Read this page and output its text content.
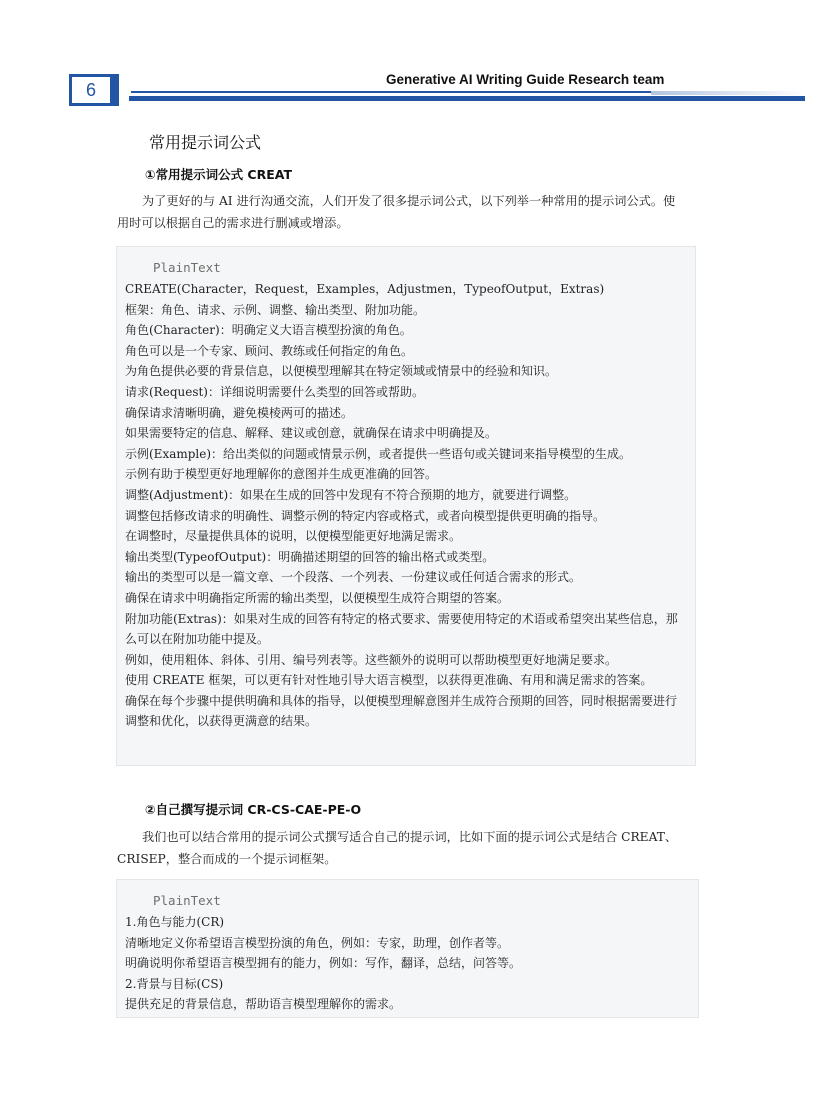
6
Generative AI Writing Guide Research team
常用提示词公式
①常用提示词公式 CREAT

为了更好的与 AI 进行沟通交流，人们开发了很多提示词公式，以下列举一种常用的提示词公式。使用时可以根据自己的需求进行删减或增添。

PlainText
CREATE(Character，Request，Examples，Adjustmen，TypeofOutput，Extras)
框架：角色、请求、示例、调整、输出类型、附加功能。
角色(Character)：明确定义大语言模型扮演的角色。
角色可以是一个专家、顾问、教练或任何指定的角色。
为角色提供必要的背景信息，以便模型理解其在特定领域或情景中的经验和知识。
请求(Request)：详细说明需要什么类型的回答或帮助。
确保请求清晰明确，避免模棱两可的描述。
如果需要特定的信息、解释、建议或创意，就确保在请求中明确提及。
示例(Example)：给出类似的问题或情景示例，或者提供一些语句或关键词来指导模型的生成。
示例有助于模型更好地理解你的意图并生成更准确的回答。
调整(Adjustment)：如果在生成的回答中发现有不符合预期的地方，就要进行调整。
调整包括修改请求的明确性、调整示例的特定内容或格式，或者向模型提供更明确的指导。
在调整时，尽量提供具体的说明，以便模型能更好地满足需求。
输出类型(TypeofOutput)：明确描述期望的回答的输出格式或类型。
输出的类型可以是一篇文章、一个段落、一个列表、一份建议或任何适合需求的形式。
确保在请求中明确指定所需的输出类型，以便模型生成符合期望的答案。
附加功能(Extras)：如果对生成的回答有特定的格式要求、需要使用特定的术语或希望突出某些信息，那么可以在附加功能中提及。
例如，使用粗体、斜体、引用、编号列表等。这些额外的说明可以帮助模型更好地满足要求。
使用 CREATE 框架，可以更有针对性地引导大语言模型，以获得更准确、有用和满足需求的答案。
确保在每个步骤中提供明确和具体的指导，以便模型理解意图并生成符合预期的回答，同时根据需要进行调整和优化，以获得更满意的结果。
②自己撰写提示词 CR-CS-CAE-PE-O

我们也可以结合常用的提示词公式撰写适合自己的提示词，比如下面的提示词公式是结合 CREAT、CRISEP，整合而成的一个提示词框架。

PlainText
1.角色与能力(CR)
清晰地定义你希望语言模型扮演的角色，例如：专家，助理，创作者等。
明确说明你希望语言模型拥有的能力，例如：写作，翻译，总结，问答等。
2.背景与目标(CS)
提供充足的背景信息，帮助语言模型理解你的需求。
